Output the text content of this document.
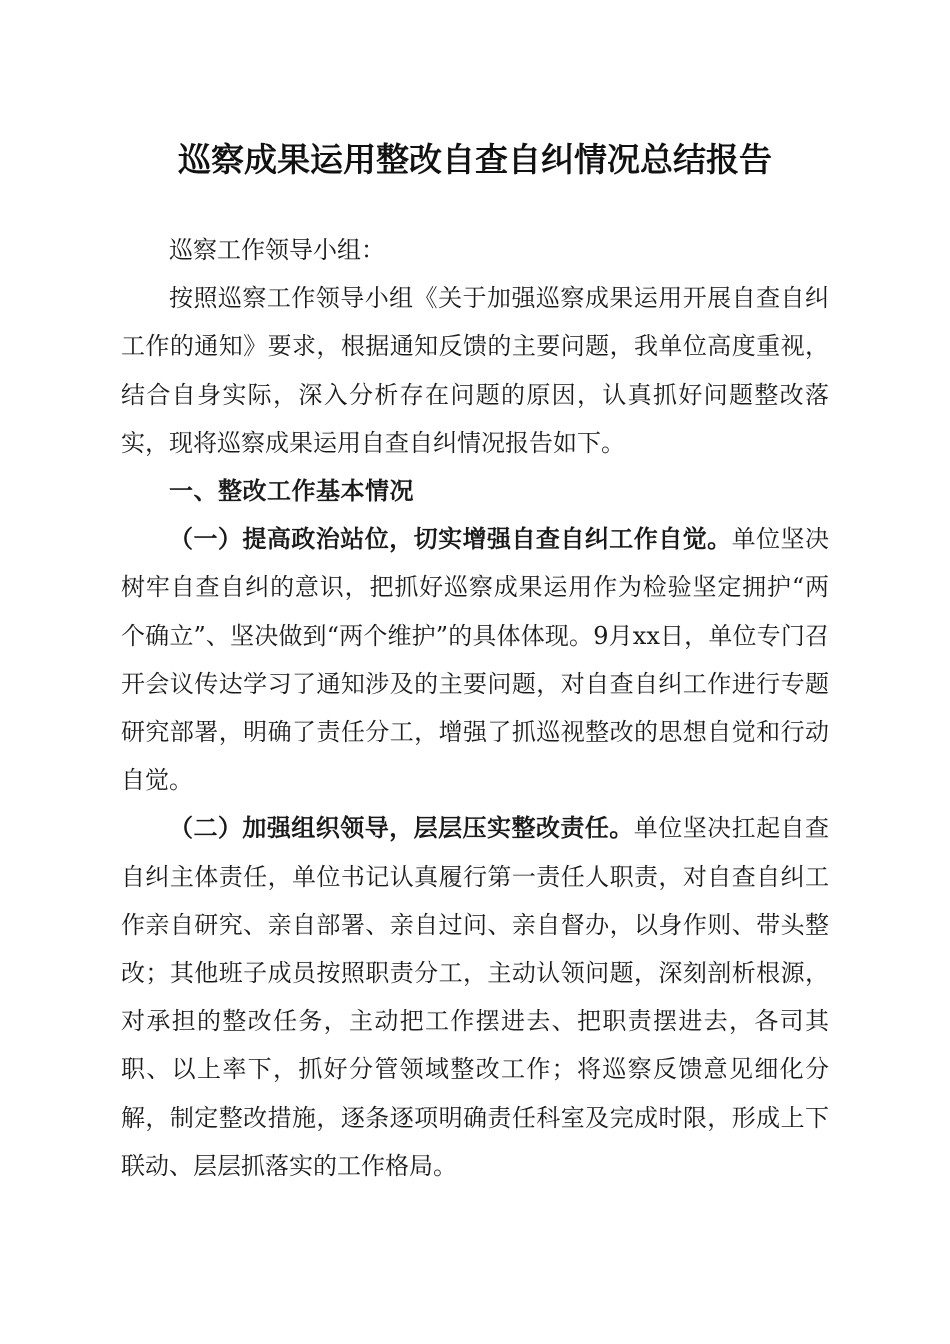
巡察成果运用整改自查自纠情况总结报告

巡察工作领导小组：

按照巡察工作领导小组《关于加强巡察成果运用开展自查自纠工作的通知》要求，根据通知反馈的主要问题，我单位高度重视，结合自身实际，深入分析存在问题的原因，认真抓好问题整改落实，现将巡察成果运用自查自纠情况报告如下。

一、整改工作基本情况

（一）提高政治站位，切实增强自查自纠工作自觉。单位坚决树牢自查自纠的意识，把抓好巡察成果运用作为检验坚定拥护“两个确立”、坚决做到“两个维护”的具体体现。9月xx日，单位专门召开会议传达学习了通知涉及的主要问题，对自查自纠工作进行专题研究部署，明确了责任分工，增强了抓巡视整改的思想自觉和行动自觉。

（二）加强组织领导，层层压实整改责任。单位坚决扛起自查自纠主体责任，单位书记认真履行第一责任人职责，对自查自纠工作亲自研究、亲自部署、亲自过问、亲自督办，以身作则、带头整改；其他班子成员按照职责分工，主动认领问题，深刻剖析根源，对承担的整改任务，主动把工作摆进去、把职责摆进去，各司其职、以上率下，抓好分管领域整改工作；将巡察反馈意见细化分解，制定整改措施，逐条逐项明确责任科室及完成时限，形成上下联动、层层抓落实的工作格局。
